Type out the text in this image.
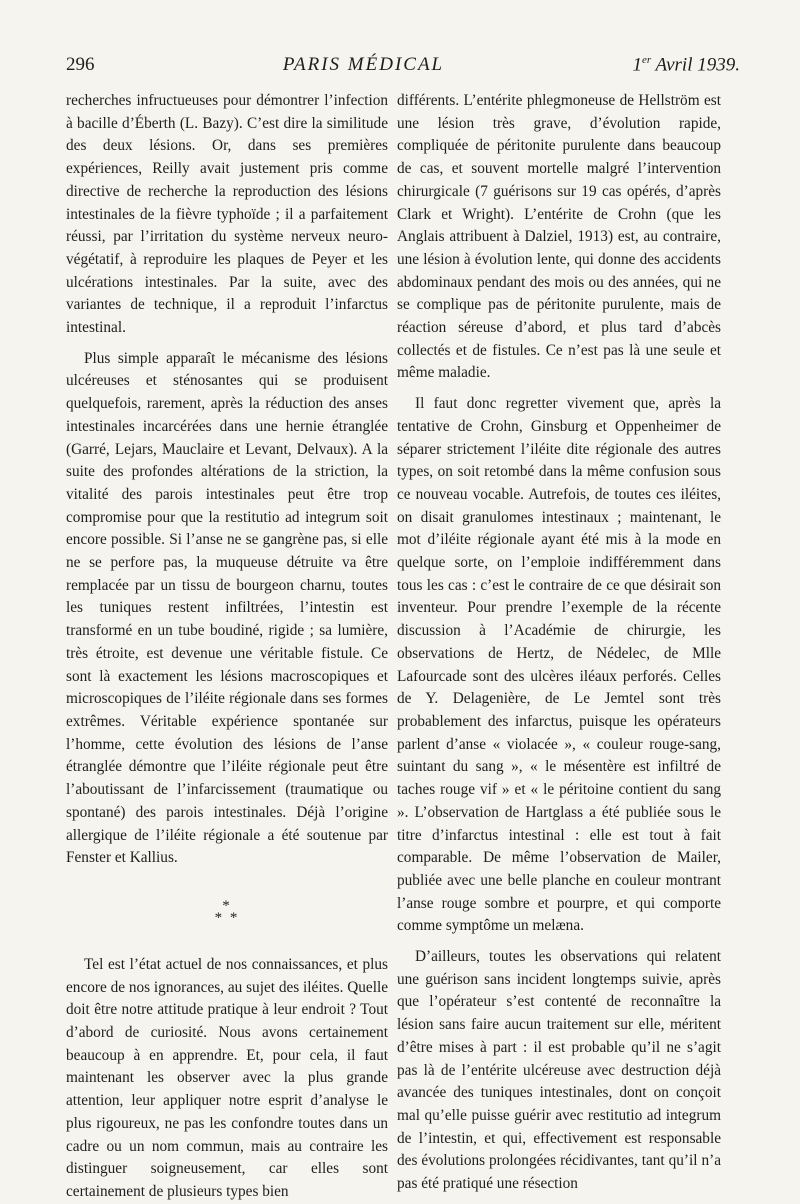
296	PARIS MÉDICAL	1er Avril 1939.

recherches infructueuses pour démontrer l’infection à bacille d’Éberth (L. Bazy). C’est dire la similitude des deux lésions. Or, dans ses premières expériences, Reilly avait justement pris comme directive de recherche la reproduction des lésions intestinales de la fièvre typhoïde ; il a parfaitement réussi, par l’irritation du système nerveux neuro-végétatif, à reproduire les plaques de Peyer et les ulcérations intestinales. Par la suite, avec des variantes de technique, il a reproduit l’infarctus intestinal.

Plus simple apparaît le mécanisme des lésions ulcéreuses et sténosantes qui se produisent quelquefois, rarement, après la réduction des anses intestinales incarcérées dans une hernie étranglée (Garré, Lejars, Mauclaire et Levant, Delvaux). A la suite des profondes altérations de la striction, la vitalité des parois intestinales peut être trop compromise pour que la restitutio ad integrum soit encore possible. Si l’anse ne se gangrène pas, si elle ne se perfore pas, la muqueuse détruite va être remplacée par un tissu de bourgeon charnu, toutes les tuniques restent infiltrées, l’intestin est transformé en un tube boudiné, rigide ; sa lumière, très étroite, est devenue une véritable fistule. Ce sont là exactement les lésions macroscopiques et microscopiques de l’iléite régionale dans ses formes extrêmes. Véritable expérience spontanée sur l’homme, cette évolution des lésions de l’anse étranglée démontre que l’iléite régionale peut être l’aboutissant de l’infarcissement (traumatique ou spontané) des parois intestinales. Déjà l’origine allergique de l’iléite régionale a été soutenue par Fenster et Kallius.

*
* *

Tel est l’état actuel de nos connaissances, et plus encore de nos ignorances, au sujet des iléites. Quelle doit être notre attitude pratique à leur endroit ? Tout d’abord de curiosité. Nous avons certainement beaucoup à en apprendre. Et, pour cela, il faut maintenant les observer avec la plus grande attention, leur appliquer notre esprit d’analyse le plus rigoureux, ne pas les confondre toutes dans un cadre ou un nom commun, mais au contraire les distinguer soigneusement, car elles sont certainement de plusieurs types bien

différents. L’entérite phlegmoneuse de Hellström est une lésion très grave, d’évolution rapide, compliquée de péritonite purulente dans beaucoup de cas, et souvent mortelle malgré l’intervention chirurgicale (7 guérisons sur 19 cas opérés, d’après Clark et Wright). L’entérite de Crohn (que les Anglais attribuent à Dalziel, 1913) est, au contraire, une lésion à évolution lente, qui donne des accidents abdominaux pendant des mois ou des années, qui ne se complique pas de péritonite purulente, mais de réaction séreuse d’abord, et plus tard d’abcès collectés et de fistules. Ce n’est pas là une seule et même maladie.

Il faut donc regretter vivement que, après la tentative de Crohn, Ginsburg et Oppenheimer de séparer strictement l’iléite dite régionale des autres types, on soit retombé dans la même confusion sous ce nouveau vocable. Autrefois, de toutes ces iléites, on disait granulomes intestinaux ; maintenant, le mot d’iléite régionale ayant été mis à la mode en quelque sorte, on l’emploie indifféremment dans tous les cas : c’est le contraire de ce que désirait son inventeur. Pour prendre l’exemple de la récente discussion à l’Académie de chirurgie, les observations de Hertz, de Nédelec, de Mlle Lafourcade sont des ulcères iléaux perforés. Celles de Y. Delagenière, de Le Jemtel sont très probablement des infarctus, puisque les opérateurs parlent d’anse « violacée », « couleur rouge-sang, suintant du sang », « le mésentère est infiltré de taches rouge vif » et « le péritoine contient du sang ». L’observation de Hartglass a été publiée sous le titre d’infarctus intestinal : elle est tout à fait comparable. De même l’observation de Mailer, publiée avec une belle planche en couleur montrant l’anse rouge sombre et pourpre, et qui comporte comme symptôme un melæna.

D’ailleurs, toutes les observations qui relatent une guérison sans incident longtemps suivie, après que l’opérateur s’est contenté de reconnaître la lésion sans faire aucun traitement sur elle, méritent d’être mises à part : il est probable qu’il ne s’agit pas là de l’entérite ulcéreuse avec destruction déjà avancée des tuniques intestinales, dont on conçoit mal qu’elle puisse guérir avec restitutio ad integrum de l’intestin, et qui, effectivement est responsable des évolutions prolongées récidivantes, tant qu’il n’a pas été pratiqué une résection
